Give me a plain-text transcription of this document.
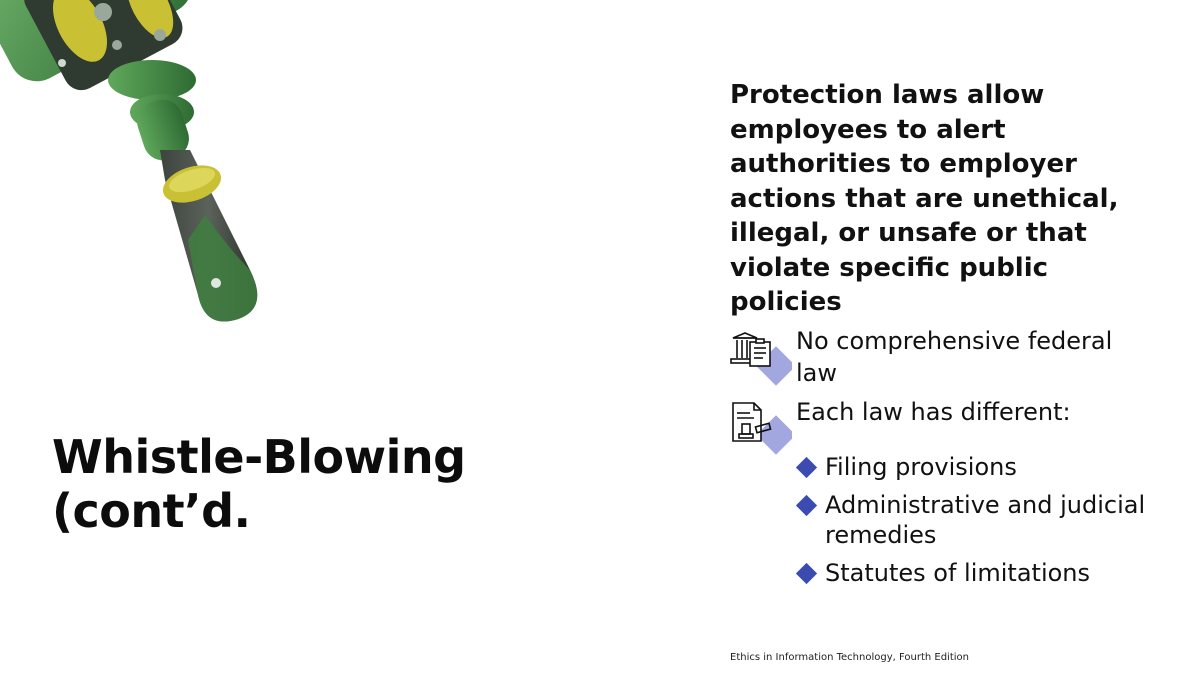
Whistle-Blowing (cont’d.

Protection laws allow employees to alert authorities to employer actions that are unethical, illegal, or unsafe or that violate specific public policies

No comprehensive federal law
Each law has different:
Filing provisions
Administrative and judicial remedies
Statutes of limitations
Ethics in Information Technology, Fourth Edition
